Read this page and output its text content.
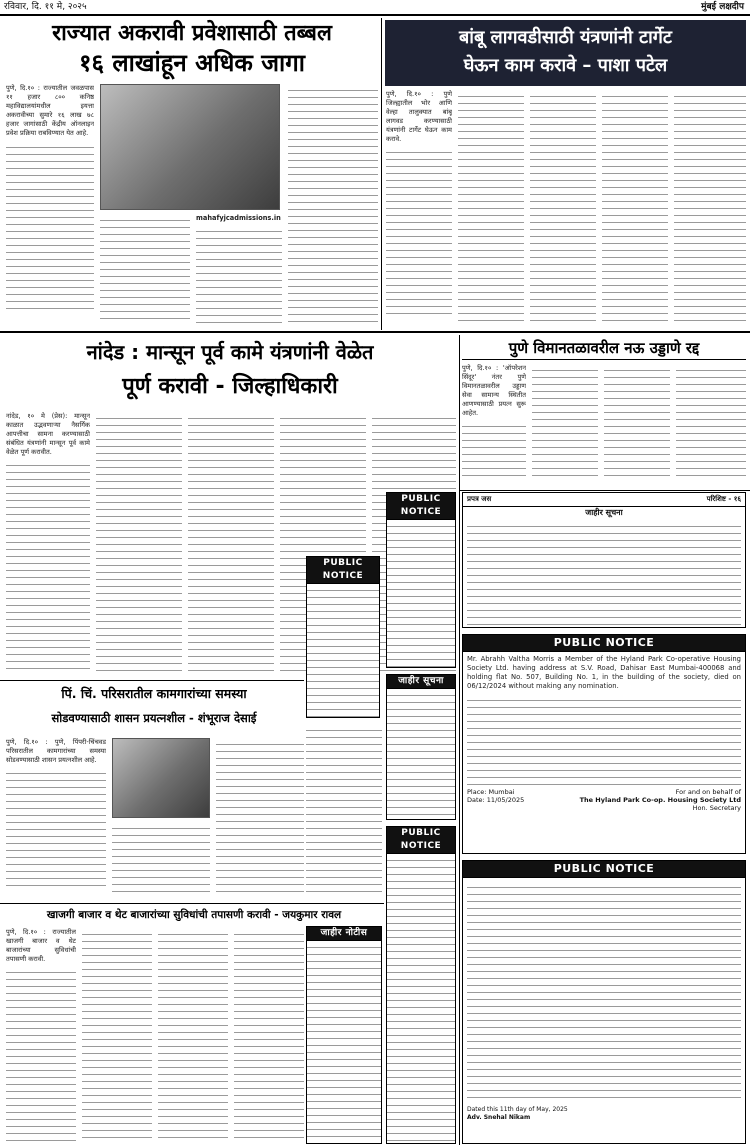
रविवार, दि. ११ मे, २०२५	मुंबई लक्षदीप
राज्यात अकरावी प्रवेशासाठी तब्बल
१६ लाखांहून अधिक जागा
पुणे, दि.१० : राज्यातील जवळपास ११ हजार ८०० कनिष्ठ महाविद्यालयांमधील इयत्ता अकरावीच्या सुमारे १६ लाख ७८ हजार जागांसाठी केंद्रीय ऑनलाइन प्रवेश प्रक्रिया राबविण्यात येत आहे.
mahafyjcadmissions.in
बांबू लागवडीसाठी यंत्रणांनी टार्गेट
घेऊन काम करावे – पाशा पटेल
पुणे, दि.१० : पुणे जिल्ह्यातील भोर आणि वेल्हा तालुक्यात बांबू लागवड करण्यासाठी यंत्रणांनी टार्गेट घेऊन काम करावे.
नांदेड : मान्सून पूर्व कामे यंत्रणांनी वेळेत
पूर्ण करावी - जिल्हाधिकारी
नांदेड, १० मे (प्रेस): मान्सून काळात उद्भवणाऱ्या नैसर्गिक आपत्तीचा सामना करण्यासाठी संबंधित यंत्रणांनी मान्सून पूर्व कामे वेळेत पूर्ण करावीत.
पुणे विमानतळावरील नऊ उड्डाणे रद्द
पुणे, दि.१० : 'ऑपरेशन सिंदूर' नंतर पुणे विमानतळावरील उड्डाण सेवा सामान्य स्थितीत आणण्यासाठी प्रयत्न सुरू आहेत.
PUBLIC NOTICE
PUBLIC NOTICE
जाहीर सूचना
प्रपत्र जस	परिशिष्ट - १६
जाहीर सूचना
PUBLIC NOTICE
Mr. Abrahh Valtha Morris a Member of the Hyland Park Co-operative Housing Society Ltd. having address at S.V. Road, Dahisar East Mumbai-400068 and holding flat No. 507, Building No. 1, in the building of the society, died on 06/12/2024 without making any nomination.
Place: Mumbai
Date: 11/05/2025
For and on behalf of
The Hyland Park Co-op. Housing Society Ltd
Hon. Secretary
PUBLIC NOTICE
Dated this 11th day of May, 2025
Adv. Snehal Nikam
पिं. चिं. परिसरातील कामगारांच्या समस्या
सोडवण्यासाठी शासन प्रयत्नशील - शंभूराज देसाई
पुणे, दि.१० : पुणे, पिंपरी-चिंचवड परिसरातील कामगारांच्या समस्या सोडवण्यासाठी शासन प्रयत्नशील आहे.
खाजगी बाजार व थेट बाजारांच्या सुविधांची तपासणी करावी - जयकुमार रावल
पुणे, दि.१० : राज्यातील खाजगी बाजार व थेट बाजारांच्या सुविधांची तपासणी करावी.
जाहीर नोटीस
PUBLIC NOTICE
